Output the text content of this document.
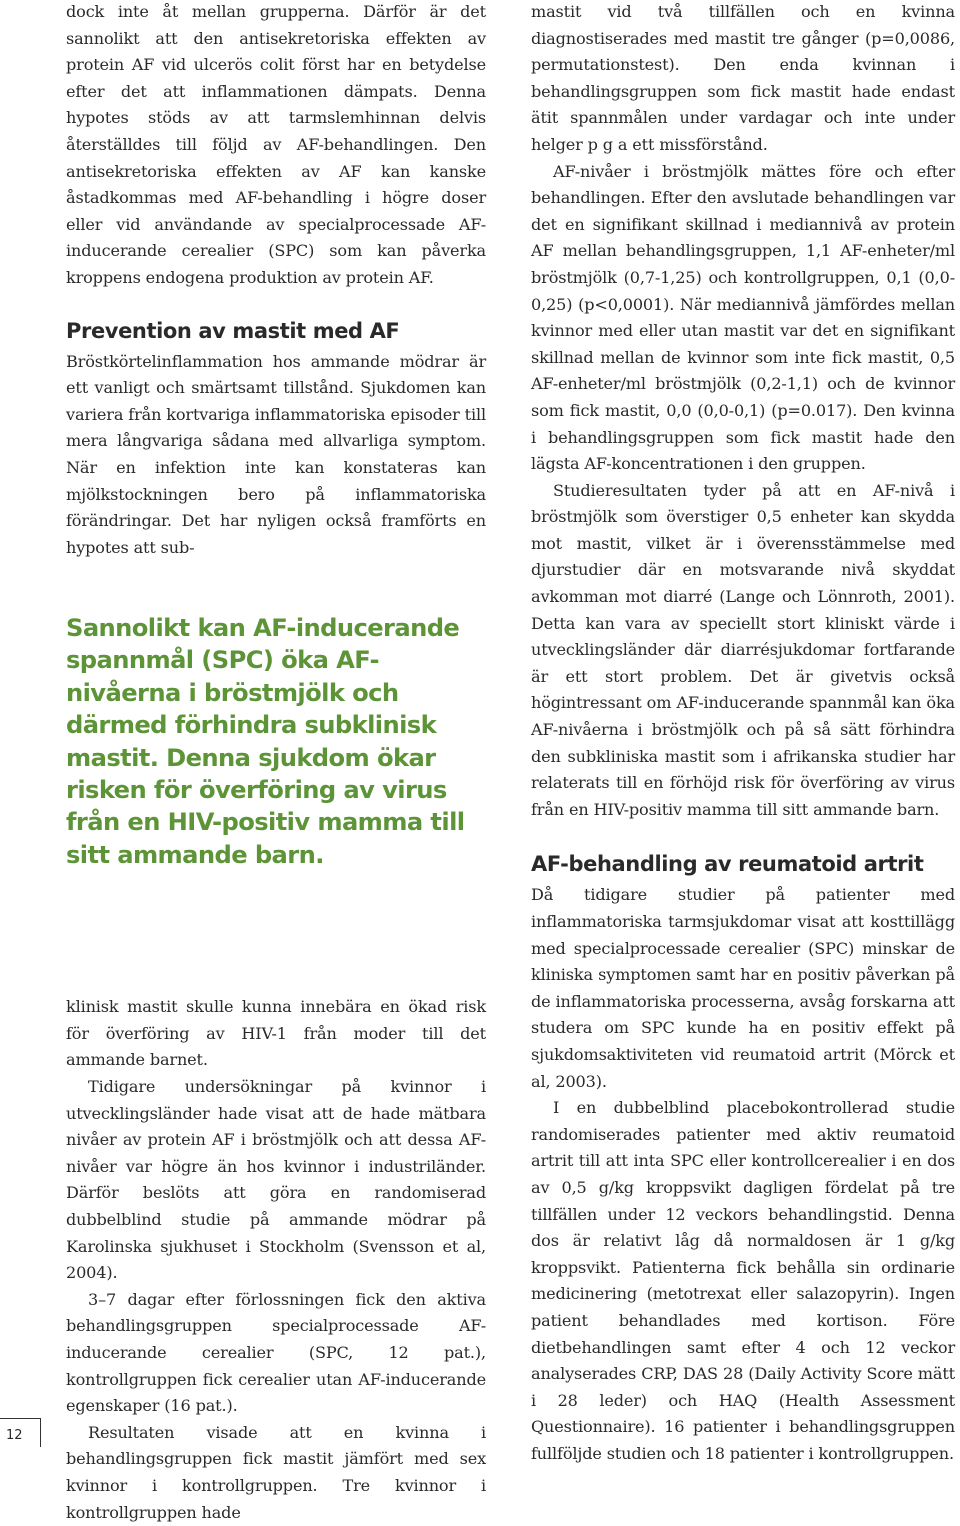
dock inte åt mellan grupperna. Därför är det sannolikt att den antisekretoriska effekten av protein AF vid ulcerös colit först har en betydelse efter det att inflammationen dämpats. Denna hypotes stöds av att tarmslemhinnan delvis återställdes till följd av AF-behandlingen. Den antisekretoriska effekten av AF kan kanske åstadkommas med AF-behandling i högre doser eller vid användande av specialprocessade AF-inducerande cerealier (SPC) som kan påverka kroppens endogena produktion av protein AF.

Prevention av mastit med AF

Bröstkörtelinflammation hos ammande mödrar är ett vanligt och smärtsamt tillstånd. Sjukdomen kan variera från kortvariga inflammatoriska episoder till mera långvariga sådana med allvarliga symptom. När en infektion inte kan konstateras kan mjölkstockningen bero på inflammatoriska förändringar. Det har nyligen också framförts en hypotes att sub-

klinisk mastit skulle kunna innebära en ökad risk för överföring av HIV-1 från moder till det ammande barnet.

Tidigare undersökningar på kvinnor i utvecklingsländer hade visat att de hade mätbara nivåer av protein AF i bröstmjölk och att dessa AF-nivåer var högre än hos kvinnor i industriländer. Därför beslöts att göra en randomiserad dubbelblind studie på ammande mödrar på Karolinska sjukhuset i Stockholm (Svensson et al, 2004).

3–7 dagar efter förlossningen fick den aktiva behandlingsgruppen specialprocessade AF-inducerande cerealier (SPC, 12 pat.), kontrollgruppen fick cerealier utan AF-inducerande egenskaper (16 pat.).

Resultaten visade att en kvinna i behandlingsgruppen fick mastit jämfört med sex kvinnor i kontrollgruppen. Tre kvinnor i kontrollgruppen hade

Sannolikt kan AF-inducerande spannmål (SPC) öka AF-nivåerna i bröstmjölk och därmed förhindra subklinisk mastit. Denna sjukdom ökar risken för överföring av virus från en HIV-positiv mamma till sitt ammande barn.

mastit vid två tillfällen och en kvinna diagnostiserades med mastit tre gånger (p=0,0086, permutationstest). Den enda kvinnan i behandlingsgruppen som fick mastit hade endast ätit spannmålen under vardagar och inte under helger p g a ett missförstånd.

AF-nivåer i bröstmjölk mättes före och efter behandlingen. Efter den avslutade behandlingen var det en signifikant skillnad i mediannivå av protein AF mellan behandlingsgruppen, 1,1 AF-enheter/ml bröstmjölk (0,7-1,25) och kontrollgruppen, 0,1 (0,0-0,25) (p<0,0001). När mediannivå jämfördes mellan kvinnor med eller utan mastit var det en signifikant skillnad mellan de kvinnor som inte fick mastit, 0,5 AF-enheter/ml bröstmjölk (0,2-1,1) och de kvinnor som fick mastit, 0,0 (0,0-0,1) (p=0.017). Den kvinna i behandlingsgruppen som fick mastit hade den lägsta AF-koncentrationen i den gruppen.

Studieresultaten tyder på att en AF-nivå i bröstmjölk som överstiger 0,5 enheter kan skydda mot mastit, vilket är i överensstämmelse med djurstudier där en motsvarande nivå skyddat avkomman mot diarré (Lange och Lönnroth, 2001). Detta kan vara av speciellt stort kliniskt värde i utvecklingsländer där diarrésjukdomar fortfarande är ett stort problem. Det är givetvis också högintressant om AF-inducerande spannmål kan öka AF-nivåerna i bröstmjölk och på så sätt förhindra den subkliniska mastit som i afrikanska studier har relaterats till en förhöjd risk för överföring av virus från en HIV-positiv mamma till sitt ammande barn.

AF-behandling av reumatoid artrit

Då tidigare studier på patienter med inflammatoriska tarmsjukdomar visat att kosttillägg med specialprocessade cerealier (SPC) minskar de kliniska symptomen samt har en positiv påverkan på de inflammatoriska processerna, avsåg forskarna att studera om SPC kunde ha en positiv effekt på sjukdomsaktiviteten vid reumatoid artrit (Mörck et al, 2003).

I en dubbelblind placebokontrollerad studie randomiserades patienter med aktiv reumatoid artrit till att inta SPC eller kontrollcerealier i en dos av 0,5 g/kg kroppsvikt dagligen fördelat på tre tillfällen under 12 veckors behandlingstid. Denna dos är relativt låg då normaldosen är 1 g/kg kroppsvikt. Patienterna fick behålla sin ordinarie medicinering (metotrexat eller salazopyrin). Ingen patient behandlades med kortison. Före dietbehandlingen samt efter 4 och 12 veckor analyserades CRP, DAS 28 (Daily Activity Score mätt i 28 leder) och HAQ (Health Assessment Questionnaire). 16 patienter i behandlingsgruppen fullföljde studien och 18 patienter i kontrollgruppen.

12
